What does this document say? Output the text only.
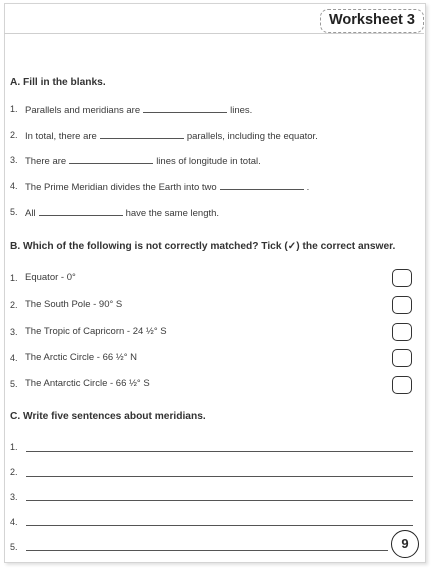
Worksheet 3
A. Fill in the blanks.
1. Parallels and meridians are	lines.
2. In total, there are	parallels, including the equator.
3. There are	lines of longitude in total.
4. The Prime Meridian divides the Earth into two	.
5. All	have the same length.
B. Which of the following is not correctly matched? Tick (✓) the correct answer.
1. Equator - 0°
2. The South Pole - 90° S
3. The Tropic of Capricorn - 24 ½° S
4. The Arctic Circle - 66 ½° N
5. The Antarctic Circle - 66 ½° S
C. Write five sentences about meridians.
1.
2.
3.
4.
5.	9
